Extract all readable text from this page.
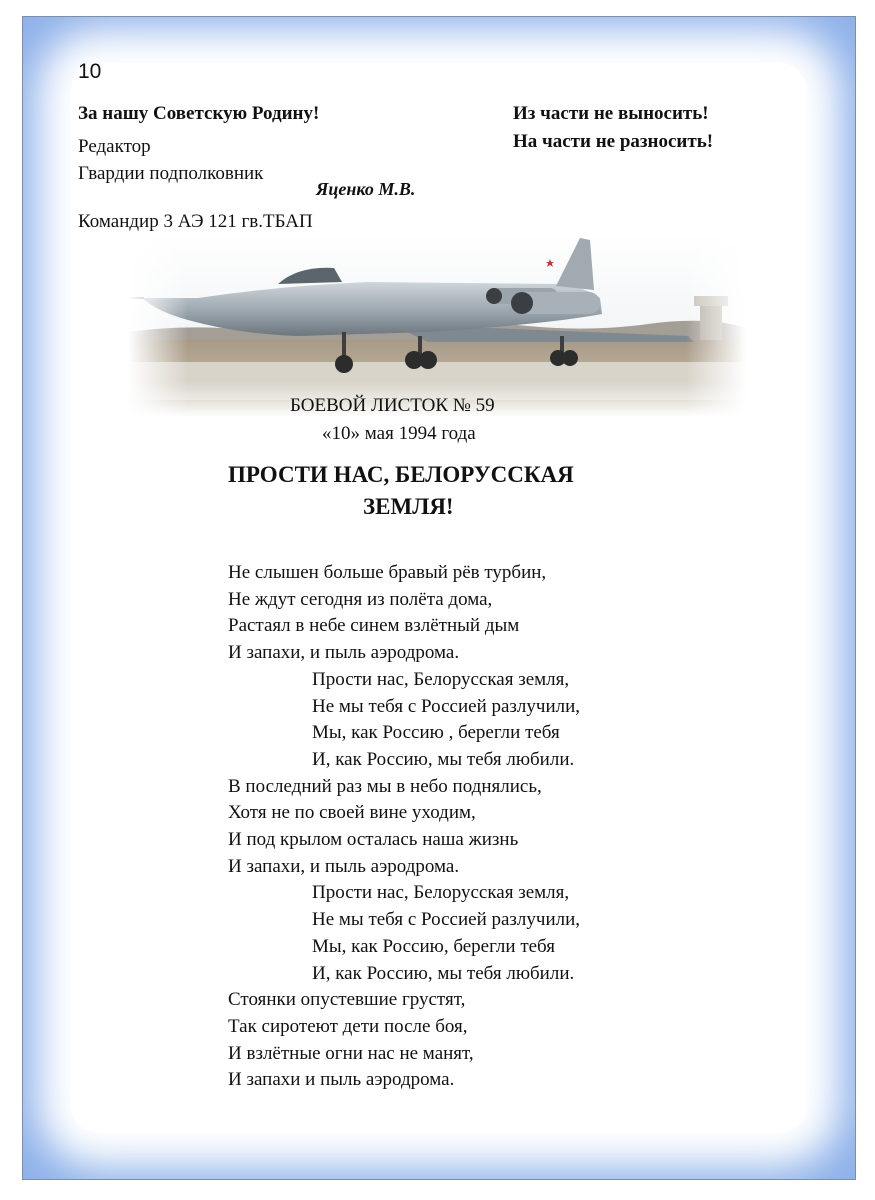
10
За нашу Советскую Родину!	Из части не выносить!
На части не разносить!
Редактор
Гвардии подполковник
Яценко М.В.
Командир 3 АЭ 121 гв.ТБАП
БОЕВОЙ ЛИСТОК № 59
«10» мая 1994 года
ПРОСТИ НАС, БЕЛОРУССКАЯ
ЗЕМЛЯ!
Не слышен больше бравый рёв турбин,
Не ждут сегодня из полёта дома,
Растаял в небе синем взлётный дым
И запахи, и пыль аэродрома.
Прости нас, Белорусская земля,
Не мы тебя с Россией разлучили,
Мы, как Россию , берегли тебя
И, как Россию, мы тебя любили.
В последний раз мы в небо поднялись,
Хотя не по своей вине уходим,
И под крылом осталась наша жизнь
И запахи, и пыль аэродрома.
Прости нас, Белорусская земля,
Не мы тебя с Россией разлучили,
Мы, как Россию, берегли тебя
И, как Россию, мы тебя любили.
Стоянки опустевшие грустят,
Так сиротеют дети после боя,
И взлётные огни нас не манят,
И запахи и пыль аэродрома.
